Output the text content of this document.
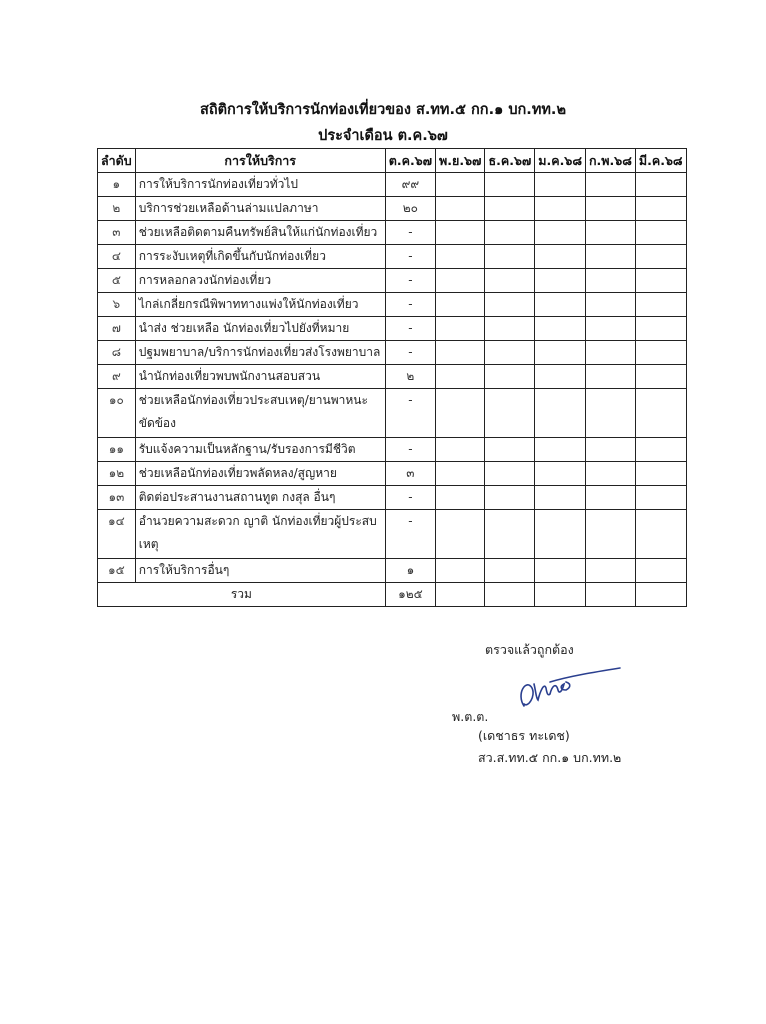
สถิติการให้บริการนักท่องเที่ยวของ ส.ทท.๕ กก.๑ บก.ทท.๒
ประจำเดือน ต.ค.๖๗
ลำดับ	การให้บริการ	ต.ค.๖๗	พ.ย.๖๗	ธ.ค.๖๗	ม.ค.๖๘	ก.พ.๖๘	มี.ค.๖๘
๑	การให้บริการนักท่องเที่ยวทั่วไป	๙๙					
๒	บริการช่วยเหลือด้านล่ามแปลภาษา	๒๐					
๓	ช่วยเหลือติดตามคืนทรัพย์สินให้แก่นักท่องเที่ยว	-					
๔	การระงับเหตุที่เกิดขึ้นกับนักท่องเที่ยว	-					
๕	การหลอกลวงนักท่องเที่ยว	-					
๖	ไกล่เกลี่ยกรณีพิพาททางแพ่งให้นักท่องเที่ยว	-					
๗	นำส่ง ช่วยเหลือ นักท่องเที่ยวไปยังที่หมาย	-					
๘	ปฐมพยาบาล/บริการนักท่องเที่ยวส่งโรงพยาบาล	-					
๙	นำนักท่องเที่ยวพบพนักงานสอบสวน	๒					
๑๐	ช่วยเหลือนักท่องเที่ยวประสบเหตุ/ยานพาหนะขัดข้อง	-					
๑๑	รับแจ้งความเป็นหลักฐาน/รับรองการมีชีวิต	-					
๑๒	ช่วยเหลือนักท่องเที่ยวพลัดหลง/สูญหาย	๓					
๑๓	ติดต่อประสานงานสถานทูต กงสุล อื่นๆ	-					
๑๔	อำนวยความสะดวก ญาติ นักท่องเที่ยวผู้ประสบเหตุ	-					
๑๕	การให้บริการอื่นๆ	๑					
รวม		๑๒๕					
ตรวจแล้วถูกต้อง
พ.ต.ต.
(เดชาธร ทะเดช)
สว.ส.ทท.๕ กก.๑ บก.ทท.๒
